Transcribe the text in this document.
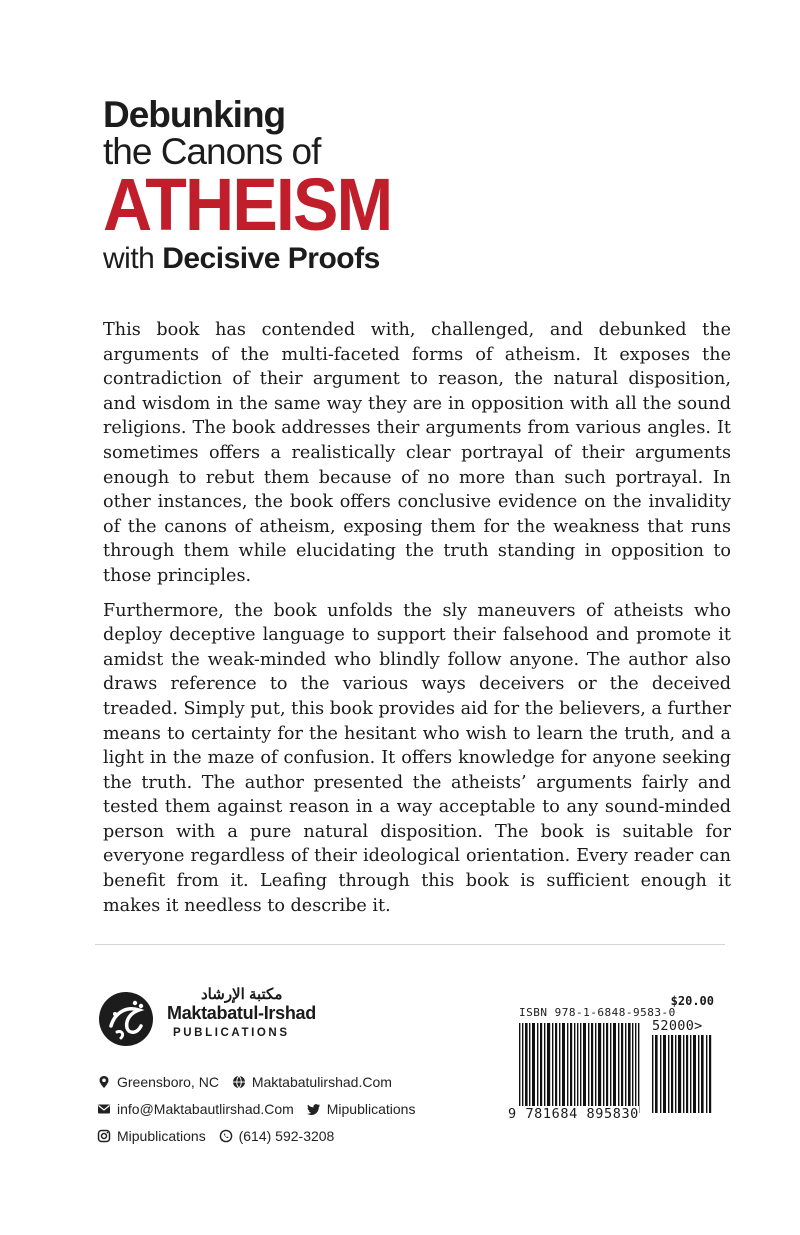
Debunking
the Canons of
ATHEISM
with Decisive Proofs

This book has contended with, challenged, and debunked the arguments of the multi-faceted forms of atheism. It exposes the contradiction of their argument to reason, the natural disposition, and wisdom in the same way they are in opposition with all the sound religions. The book addresses their arguments from various angles. It sometimes offers a realistically clear portrayal of their arguments enough to rebut them because of no more than such portrayal. In other instances, the book offers conclusive evidence on the invalidity of the canons of atheism, exposing them for the weakness that runs through them while elucidating the truth standing in opposition to those principles.

Furthermore, the book unfolds the sly maneuvers of atheists who deploy deceptive language to support their falsehood and promote it amidst the weak-minded who blindly follow anyone. The author also draws reference to the various ways deceivers or the deceived treaded. Simply put, this book provides aid for the believers, a further means to certainty for the hesitant who wish to learn the truth, and a light in the maze of confusion. It offers knowledge for anyone seeking the truth. The author presented the atheists’ arguments fairly and tested them against reason in a way acceptable to any sound-minded person with a pure natural disposition. The book is suitable for everyone regardless of their ideological orientation. Every reader can benefit from it. Leafing through this book is sufficient enough it makes it needless to describe it.

مكتبة الإرشاد
Maktabatul-Irshad
PUBLICATIONS
Greensboro, NC
Maktabatulirshad.Com
info@Maktabautlirshad.Com
Mipublications
Mipublications
(614) 592-3208
$20.00
ISBN 978-1-6848-9583-0
52000>
9 781684 895830
